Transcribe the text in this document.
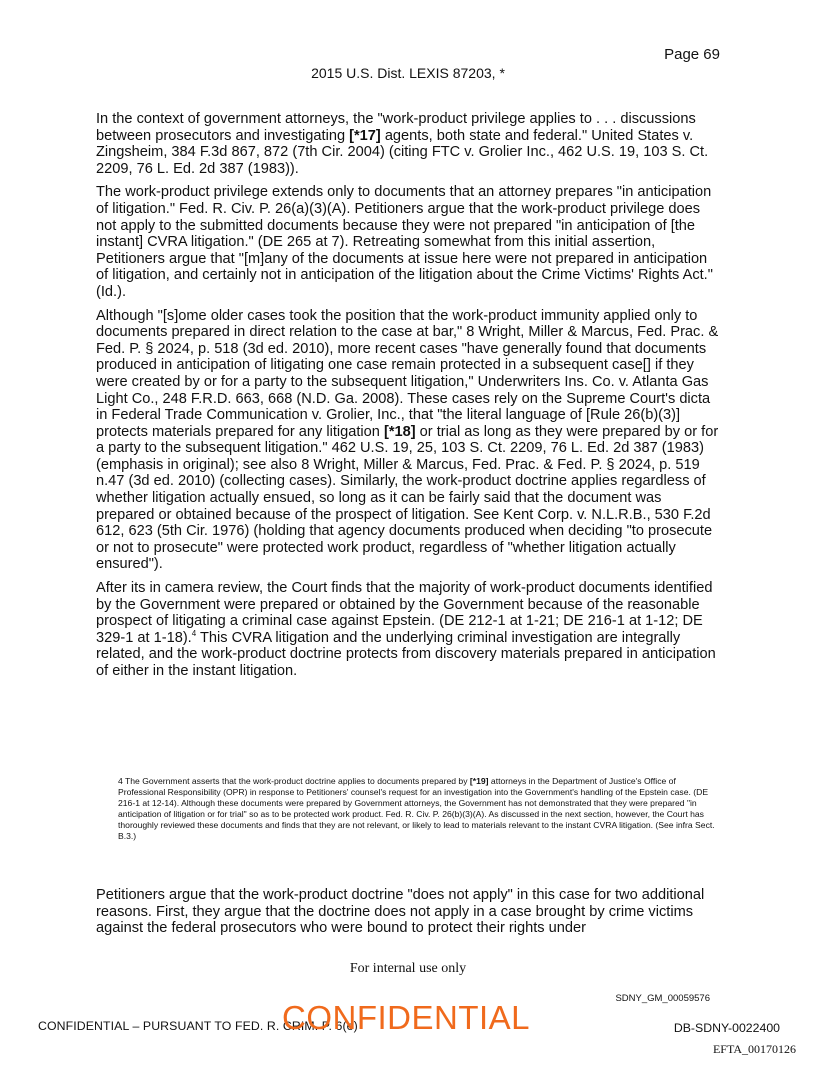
Page 69
2015 U.S. Dist. LEXIS 87203, *

In the context of government attorneys, the "work-product privilege applies to . . . discussions between prosecutors and investigating [*17] agents, both state and federal." United States v. Zingsheim, 384 F.3d 867, 872 (7th Cir. 2004) (citing FTC v. Grolier Inc., 462 U.S. 19, 103 S. Ct. 2209, 76 L. Ed. 2d 387 (1983)).

The work-product privilege extends only to documents that an attorney prepares "in anticipation of litigation." Fed. R. Civ. P. 26(a)(3)(A). Petitioners argue that the work-product privilege does not apply to the submitted documents because they were not prepared "in anticipation of [the instant] CVRA litigation." (DE 265 at 7). Retreating somewhat from this initial assertion, Petitioners argue that "[m]any of the documents at issue here were not prepared in anticipation of litigation, and certainly not in anticipation of the litigation about the Crime Victims' Rights Act." (Id.).

Although "[s]ome older cases took the position that the work-product immunity applied only to documents prepared in direct relation to the case at bar," 8 Wright, Miller & Marcus, Fed. Prac. & Fed. P. § 2024, p. 518 (3d ed. 2010), more recent cases "have generally found that documents produced in anticipation of litigating one case remain protected in a subsequent case[] if they were created by or for a party to the subsequent litigation," Underwriters Ins. Co. v. Atlanta Gas Light Co., 248 F.R.D. 663, 668 (N.D. Ga. 2008). These cases rely on the Supreme Court's dicta in Federal Trade Communication v. Grolier, Inc., that "the literal language of [Rule 26(b)(3)] protects materials prepared for any litigation [*18] or trial as long as they were prepared by or for a party to the subsequent litigation." 462 U.S. 19, 25, 103 S. Ct. 2209, 76 L. Ed. 2d 387 (1983) (emphasis in original); see also 8 Wright, Miller & Marcus, Fed. Prac. & Fed. P. § 2024, p. 519 n.47 (3d ed. 2010) (collecting cases). Similarly, the work-product doctrine applies regardless of whether litigation actually ensued, so long as it can be fairly said that the document was prepared or obtained because of the prospect of litigation. See Kent Corp. v. N.L.R.B., 530 F.2d 612, 623 (5th Cir. 1976) (holding that agency documents produced when deciding "to prosecute or not to prosecute" were protected work product, regardless of "whether litigation actually ensured").

After its in camera review, the Court finds that the majority of work-product documents identified by the Government were prepared or obtained by the Government because of the reasonable prospect of litigating a criminal case against Epstein. (DE 212-1 at 1-21; DE 216-1 at 1-12; DE 329-1 at 1-18).$^4$ This CVRA litigation and the underlying criminal investigation are integrally related, and the work-product doctrine protects from discovery materials prepared in anticipation of either in the instant litigation.

4 The Government asserts that the work-product doctrine applies to documents prepared by [*19] attorneys in the Department of Justice's Office of Professional Responsibility (OPR) in response to Petitioners' counsel's request for an investigation into the Government's handling of the Epstein case. (DE 216-1 at 12-14). Although these documents were prepared by Government attorneys, the Government has not demonstrated that they were prepared "in anticipation of litigation or for trial" so as to be protected work product. Fed. R. Civ. P. 26(b)(3)(A). As discussed in the next section, however, the Court has thoroughly reviewed these documents and finds that they are not relevant, or likely to lead to materials relevant to the instant CVRA litigation. (See infra Sect. B.3.)

Petitioners argue that the work-product doctrine "does not apply" in this case for two additional reasons. First, they argue that the doctrine does not apply in a case brought by crime victims against the federal prosecutors who were bound to protect their rights under

For internal use only
SDNY_GM_00059576
CONFIDENTIAL – PURSUANT TO FED. R. CRIM. P. 6(e)
CONFIDENTIAL	DB-SDNY-0022400
EFTA_00170126
